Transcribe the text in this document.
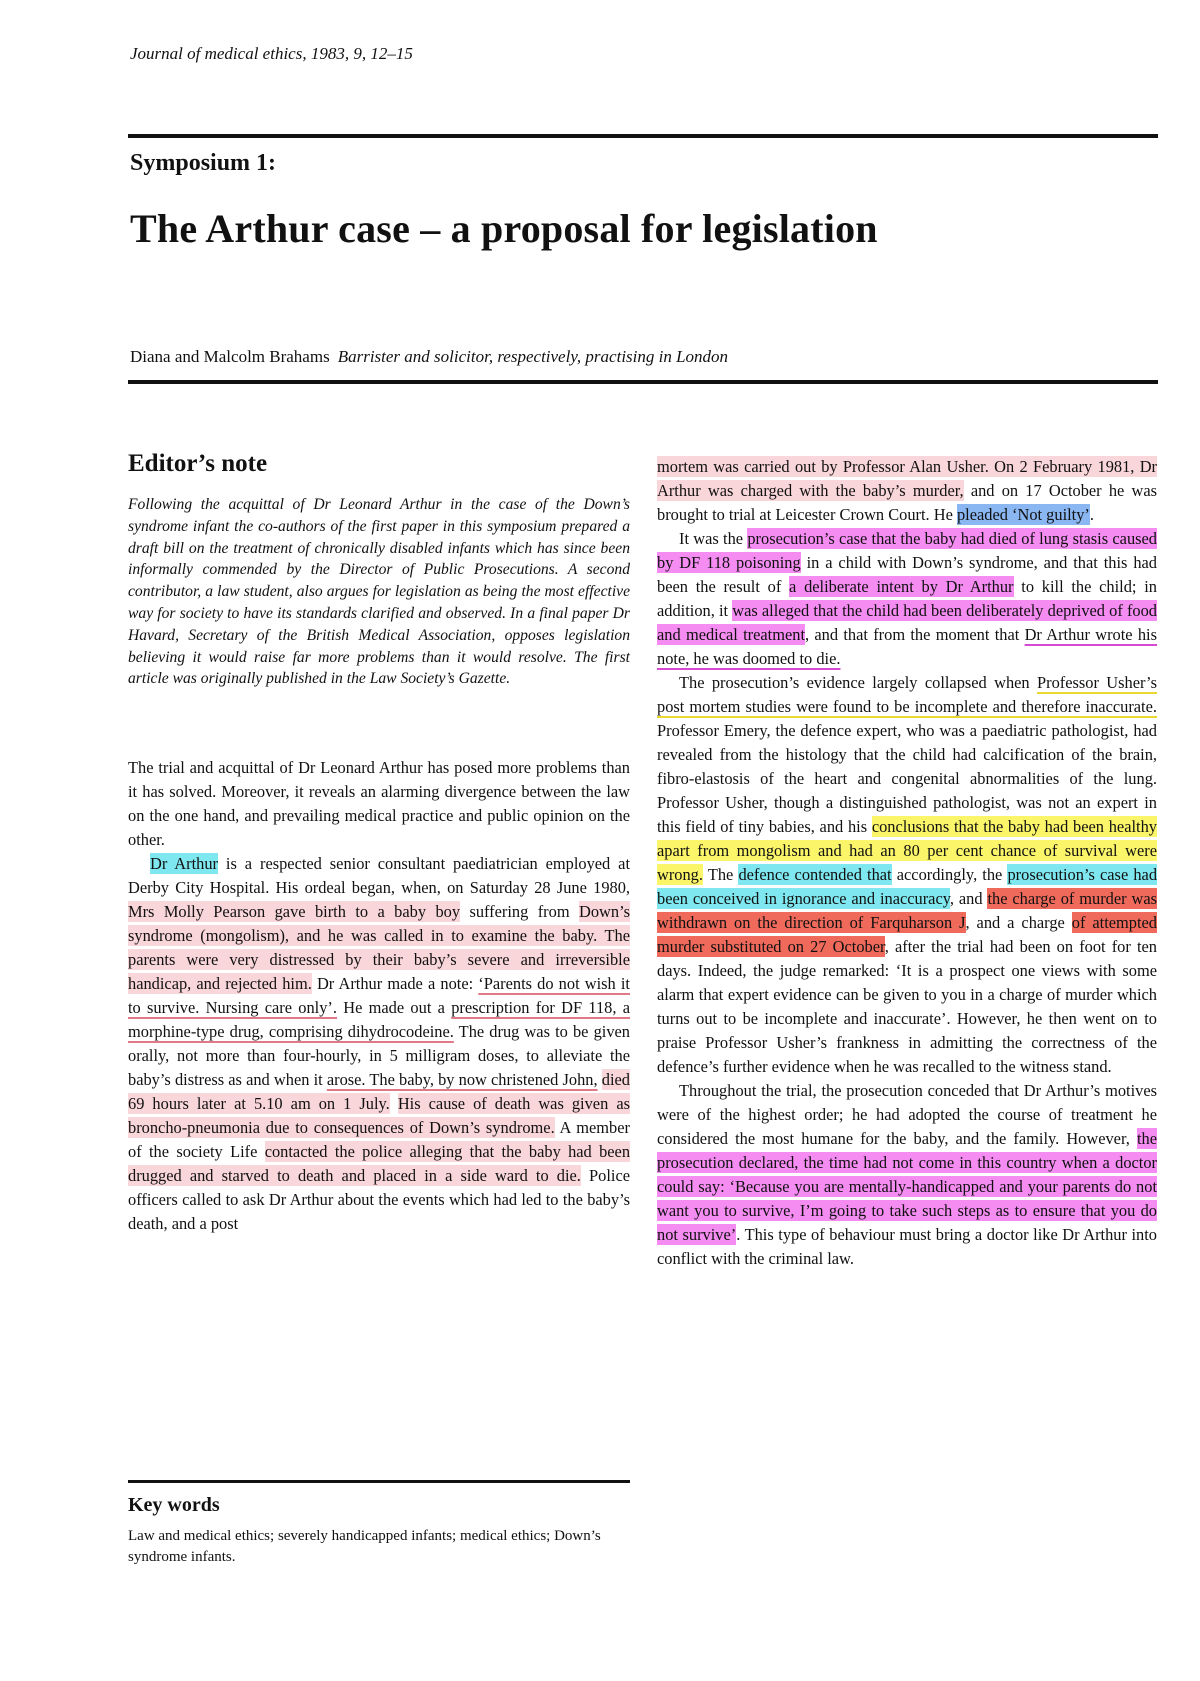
Journal of medical ethics, 1983, 9, 12–15
Symposium 1:
The Arthur case – a proposal for legislation
Diana and Malcolm Brahams Barrister and solicitor, respectively, practising in London
Editor’s note

Following the acquittal of Dr Leonard Arthur in the case of the Down’s syndrome infant the co-authors of the first paper in this symposium prepared a draft bill on the treatment of chronically disabled infants which has since been informally commended by the Director of Public Prosecutions. A second contributor, a law student, also argues for legislation as being the most effective way for society to have its standards clarified and observed. In a final paper Dr Havard, Secretary of the British Medical Association, opposes legislation believing it would raise far more problems than it would resolve. The first article was originally published in the Law Society’s Gazette.

The trial and acquittal of Dr Leonard Arthur has posed more problems than it has solved. Moreover, it reveals an alarming divergence between the law on the one hand, and prevailing medical practice and public opinion on the other.

Dr Arthur is a respected senior consultant paediatrician employed at Derby City Hospital. His ordeal began, when, on Saturday 28 June 1980, Mrs Molly Pearson gave birth to a baby boy suffering from Down’s syndrome (mongolism), and he was called in to examine the baby. The parents were very distressed by their baby’s severe and irreversible handicap, and rejected him. Dr Arthur made a note: ‘Parents do not wish it to survive. Nursing care only’. He made out a prescription for DF 118, a morphine-type drug, comprising dihydrocodeine. The drug was to be given orally, not more than four-hourly, in 5 milligram doses, to alleviate the baby’s distress as and when it arose. The baby, by now christened John, died 69 hours later at 5.10 am on 1 July. His cause of death was given as broncho-pneumonia due to consequences of Down’s syndrome. A member of the society Life contacted the police alleging that the baby had been drugged and starved to death and placed in a side ward to die. Police officers called to ask Dr Arthur about the events which had led to the baby’s death, and a post

mortem was carried out by Professor Alan Usher. On 2 February 1981, Dr Arthur was charged with the baby’s murder, and on 17 October he was brought to trial at Leicester Crown Court. He pleaded ‘Not guilty’.

It was the prosecution’s case that the baby had died of lung stasis caused by DF 118 poisoning in a child with Down’s syndrome, and that this had been the result of a deliberate intent by Dr Arthur to kill the child; in addition, it was alleged that the child had been deliberately deprived of food and medical treatment, and that from the moment that Dr Arthur wrote his note, he was doomed to die.

The prosecution’s evidence largely collapsed when Professor Usher’s post mortem studies were found to be incomplete and therefore inaccurate. Professor Emery, the defence expert, who was a paediatric pathologist, had revealed from the histology that the child had calcification of the brain, fibro-elastosis of the heart and congenital abnormalities of the lung. Professor Usher, though a distinguished pathologist, was not an expert in this field of tiny babies, and his conclusions that the baby had been healthy apart from mongolism and had an 80 per cent chance of survival were wrong. The defence contended that accordingly, the prosecution’s case had been conceived in ignorance and inaccuracy, and the charge of murder was withdrawn on the direction of Farquharson J, and a charge of attempted murder substituted on 27 October, after the trial had been on foot for ten days. Indeed, the judge remarked: ‘It is a prospect one views with some alarm that expert evidence can be given to you in a charge of murder which turns out to be incomplete and inaccurate’. However, he then went on to praise Professor Usher’s frankness in admitting the correctness of the defence’s further evidence when he was recalled to the witness stand.

Throughout the trial, the prosecution conceded that Dr Arthur’s motives were of the highest order; he had adopted the course of treatment he considered the most humane for the baby, and the family. However, the prosecution declared, the time had not come in this country when a doctor could say: ‘Because you are mentally-handicapped and your parents do not want you to survive, I’m going to take such steps as to ensure that you do not survive’. This type of behaviour must bring a doctor like Dr Arthur into conflict with the criminal law.

Key words
Law and medical ethics; severely handicapped infants; medical ethics; Down’s syndrome infants.
